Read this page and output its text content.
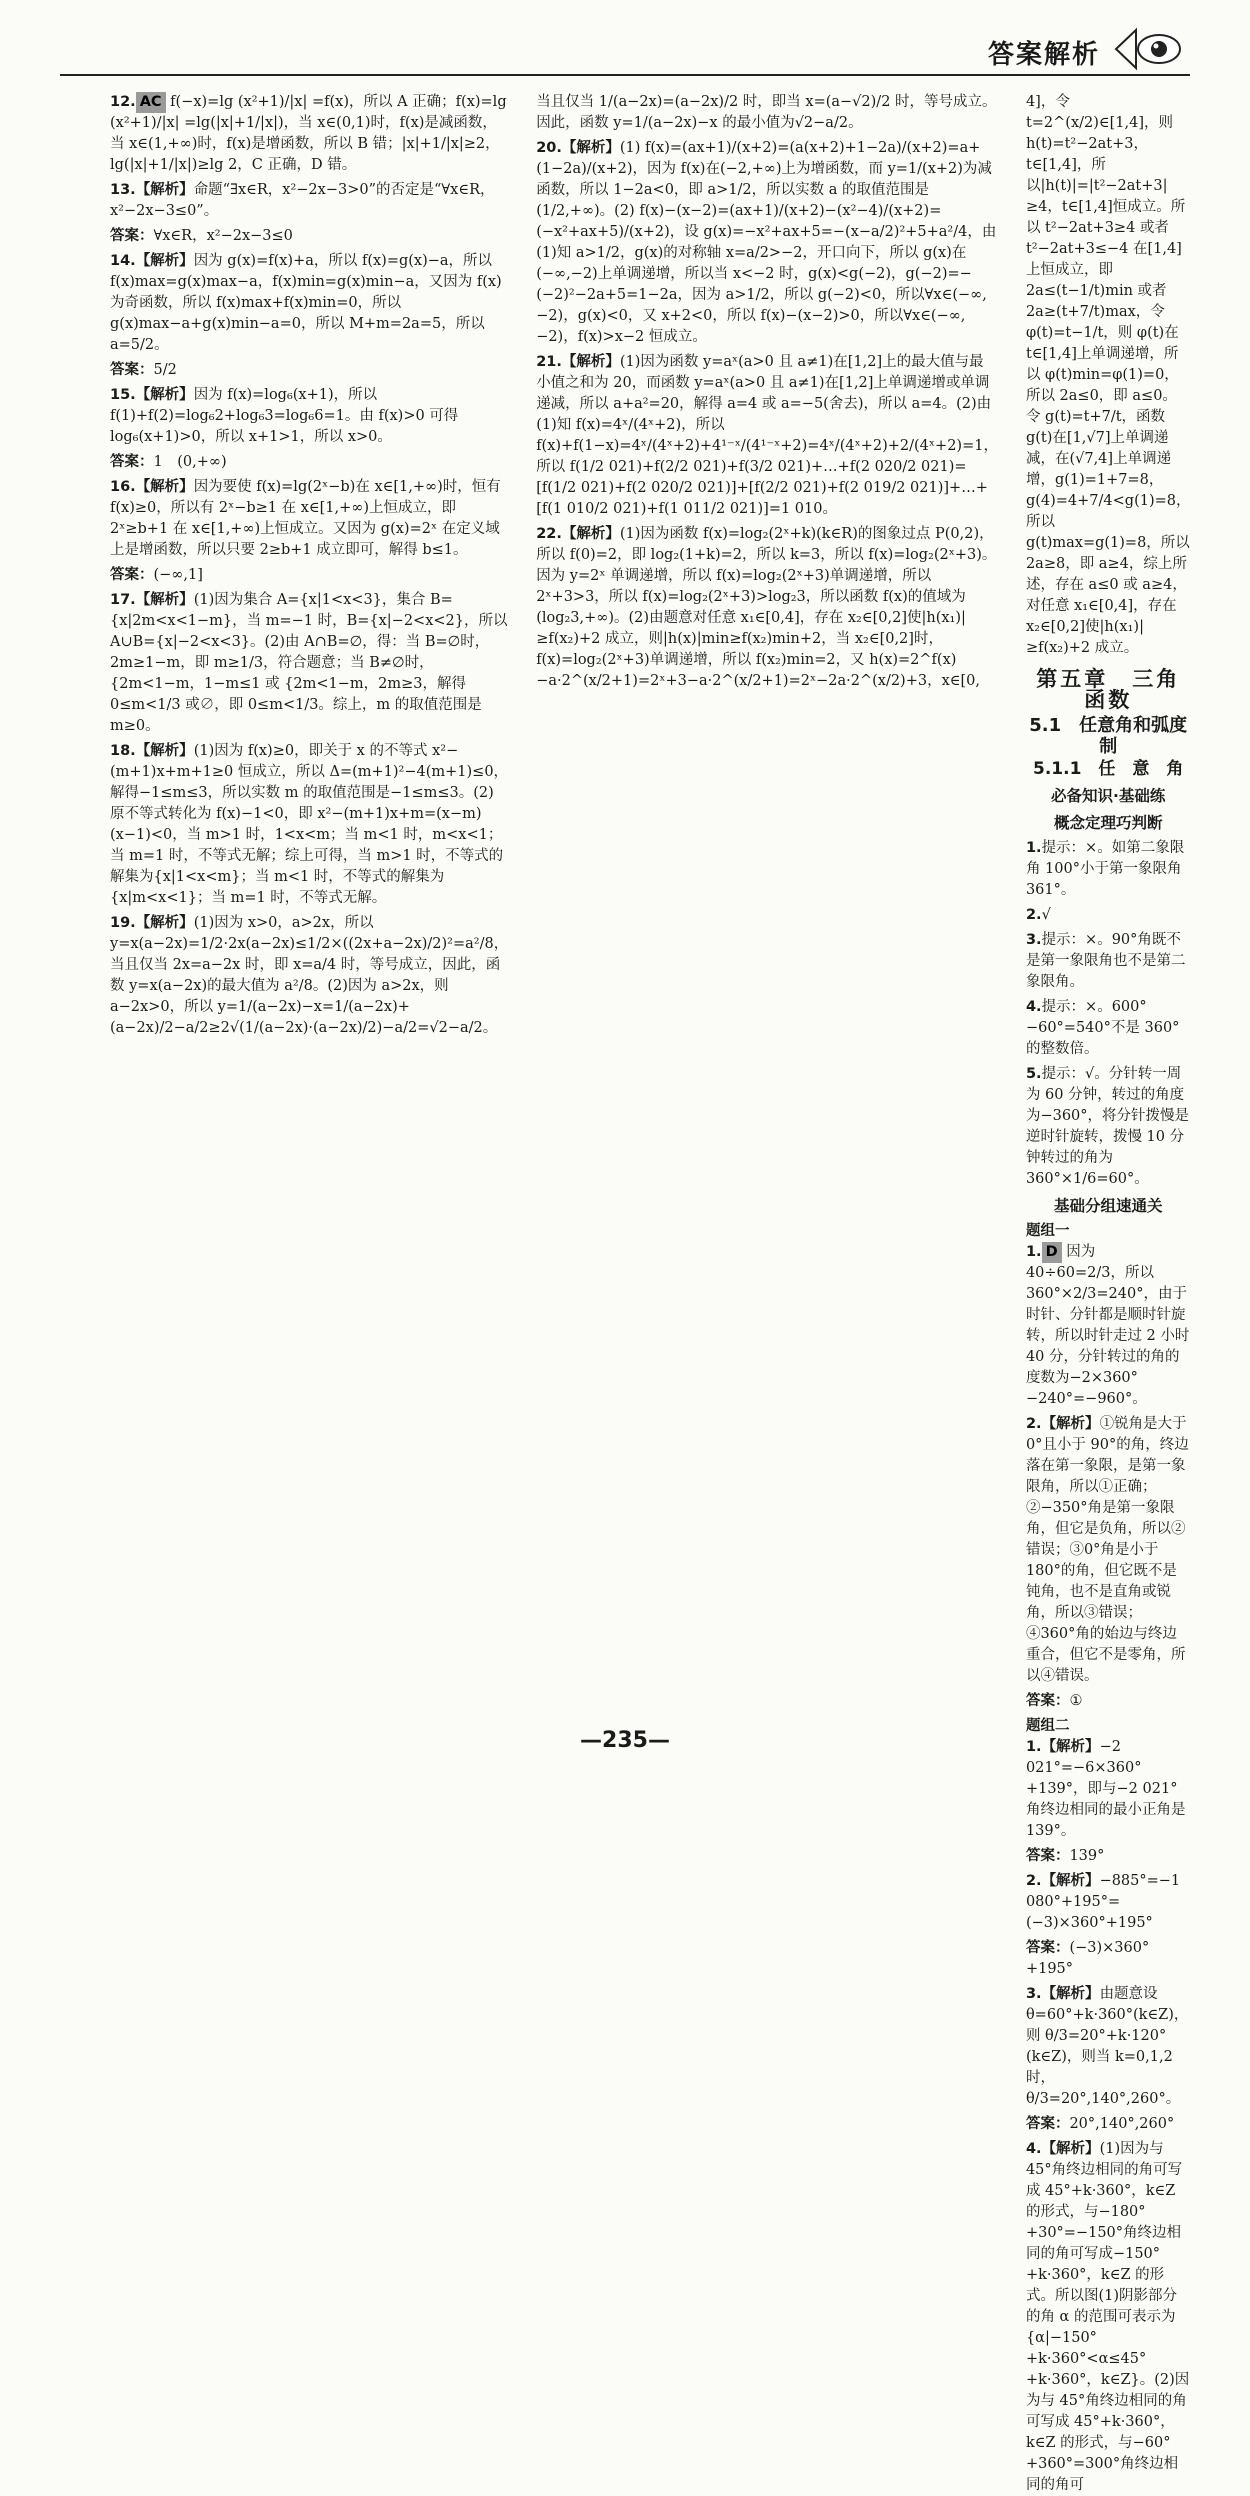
答案解析
12. AC f(−x)=lg (x²+1)/|x| =f(x)，所以 A 正确；f(x)=lg (x²+1)/|x| =lg(|x|+1/|x|)，当 x∈(0,1)时，f(x)是减函数，当 x∈(1,+∞)时，f(x)是增函数，所以 B 错；|x|+1/|x|≥2，lg(|x|+1/|x|)≥lg 2，C 正确，D 错。
13.【解析】命题“∃x∈R，x²−2x−3>0”的否定是“∀x∈R，x²−2x−3≤0”。
答案：∀x∈R，x²−2x−3≤0
14.【解析】因为 g(x)=f(x)+a，所以 f(x)=g(x)−a，所以 f(x)max=g(x)max−a，f(x)min=g(x)min−a，又因为 f(x)为奇函数，所以 f(x)max+f(x)min=0，所以 g(x)max−a+g(x)min−a=0，所以 M+m=2a=5，所以 a=5/2。
答案：5/2
15.【解析】因为 f(x)=log₆(x+1)，所以 f(1)+f(2)=log₆2+log₆3=log₆6=1。由 f(x)>0 可得 log₆(x+1)>0，所以 x+1>1，所以 x>0。
答案：1　(0,+∞)
16.【解析】因为要使 f(x)=lg(2ˣ−b)在 x∈[1,+∞)时，恒有 f(x)≥0，所以有 2ˣ−b≥1 在 x∈[1,+∞)上恒成立，即 2ˣ≥b+1 在 x∈[1,+∞)上恒成立。又因为 g(x)=2ˣ 在定义域上是增函数，所以只要 2≥b+1 成立即可，解得 b≤1。
答案：(−∞,1]
17.【解析】(1)因为集合 A={x|1<x<3}，集合 B={x|2m<x<1−m}，当 m=−1 时，B={x|−2<x<2}，所以 A∪B={x|−2<x<3}。(2)由 A∩B=∅，得：当 B=∅时，2m≥1−m，即 m≥1/3，符合题意；当 B≠∅时，{2m<1−m，1−m≤1 或 {2m<1−m，2m≥3，解得 0≤m<1/3 或∅，即 0≤m<1/3。综上，m 的取值范围是 m≥0。
18.【解析】(1)因为 f(x)≥0，即关于 x 的不等式 x²−(m+1)x+m+1≥0 恒成立，所以 Δ=(m+1)²−4(m+1)≤0，解得−1≤m≤3，所以实数 m 的取值范围是−1≤m≤3。(2)原不等式转化为 f(x)−1<0，即 x²−(m+1)x+m=(x−m)(x−1)<0，当 m>1 时，1<x<m；当 m<1 时，m<x<1；当 m=1 时，不等式无解；综上可得，当 m>1 时，不等式的解集为{x|1<x<m}；当 m<1 时，不等式的解集为{x|m<x<1}；当 m=1 时，不等式无解。
19.【解析】(1)因为 x>0，a>2x，所以 y=x(a−2x)=1/2·2x(a−2x)≤1/2×((2x+a−2x)/2)²=a²/8，当且仅当 2x=a−2x 时，即 x=a/4 时，等号成立，因此，函数 y=x(a−2x)的最大值为 a²/8。(2)因为 a>2x，则 a−2x>0，所以 y=1/(a−2x)−x=1/(a−2x)+(a−2x)/2−a/2≥2√(1/(a−2x)·(a−2x)/2)−a/2=√2−a/2。
当且仅当 1/(a−2x)=(a−2x)/2 时，即当 x=(a−√2)/2 时，等号成立。因此，函数 y=1/(a−2x)−x 的最小值为√2−a/2。
20.【解析】(1) f(x)=(ax+1)/(x+2)=(a(x+2)+1−2a)/(x+2)=a+(1−2a)/(x+2)，因为 f(x)在(−2,+∞)上为增函数，而 y=1/(x+2)为减函数，所以 1−2a<0，即 a>1/2，所以实数 a 的取值范围是(1/2,+∞)。(2) f(x)−(x−2)=(ax+1)/(x+2)−(x²−4)/(x+2)=(−x²+ax+5)/(x+2)，设 g(x)=−x²+ax+5=−(x−a/2)²+5+a²/4，由(1)知 a>1/2，g(x)的对称轴 x=a/2>−2，开口向下，所以 g(x)在(−∞,−2)上单调递增，所以当 x<−2 时，g(x)<g(−2)，g(−2)=−(−2)²−2a+5=1−2a，因为 a>1/2，所以 g(−2)<0，所以∀x∈(−∞,−2)，g(x)<0，又 x+2<0，所以 f(x)−(x−2)>0，所以∀x∈(−∞,−2)，f(x)>x−2 恒成立。
21.【解析】(1)因为函数 y=aˣ(a>0 且 a≠1)在[1,2]上的最大值与最小值之和为 20，而函数 y=aˣ(a>0 且 a≠1)在[1,2]上单调递增或单调递减，所以 a+a²=20，解得 a=4 或 a=−5(舍去)，所以 a=4。(2)由(1)知 f(x)=4ˣ/(4ˣ+2)，所以 f(x)+f(1−x)=4ˣ/(4ˣ+2)+4¹⁻ˣ/(4¹⁻ˣ+2)=4ˣ/(4ˣ+2)+2/(4ˣ+2)=1，所以 f(1/2 021)+f(2/2 021)+f(3/2 021)+…+f(2 020/2 021)=[f(1/2 021)+f(2 020/2 021)]+[f(2/2 021)+f(2 019/2 021)]+…+[f(1 010/2 021)+f(1 011/2 021)]=1 010。
22.【解析】(1)因为函数 f(x)=log₂(2ˣ+k)(k∈R)的图象过点 P(0,2)，所以 f(0)=2，即 log₂(1+k)=2，所以 k=3，所以 f(x)=log₂(2ˣ+3)。因为 y=2ˣ 单调递增，所以 f(x)=log₂(2ˣ+3)单调递增，所以 2ˣ+3>3，所以 f(x)=log₂(2ˣ+3)>log₂3，所以函数 f(x)的值域为(log₂3,+∞)。(2)由题意对任意 x₁∈[0,4]，存在 x₂∈[0,2]使|h(x₁)|≥f(x₂)+2 成立，则|h(x)|min≥f(x₂)min+2，当 x₂∈[0,2]时，f(x)=log₂(2ˣ+3)单调递增，所以 f(x₂)min=2，又 h(x)=2^f(x)−a·2^(x/2+1)=2ˣ+3−a·2^(x/2+1)=2ˣ−2a·2^(x/2)+3，x∈[0,
4]，令 t=2^(x/2)∈[1,4]，则 h(t)=t²−2at+3，t∈[1,4]，所以|h(t)|=|t²−2at+3|≥4，t∈[1,4]恒成立。所以 t²−2at+3≥4 或者 t²−2at+3≤−4 在[1,4]上恒成立，即 2a≤(t−1/t)min 或者 2a≥(t+7/t)max，令 φ(t)=t−1/t，则 φ(t)在 t∈[1,4]上单调递增，所以 φ(t)min=φ(1)=0，所以 2a≤0，即 a≤0。令 g(t)=t+7/t，函数 g(t)在[1,√7]上单调递减，在(√7,4]上单调递增，g(1)=1+7=8，g(4)=4+7/4<g(1)=8，所以 g(t)max=g(1)=8，所以 2a≥8，即 a≥4，综上所述，存在 a≤0 或 a≥4，对任意 x₁∈[0,4]，存在 x₂∈[0,2]使|h(x₁)|≥f(x₂)+2 成立。
第五章　三角函数
5.1　任意角和弧度制
5.1.1　任　意　角
必备知识·基础练
概念定理巧判断
1.提示：×。如第二象限角 100°小于第一象限角 361°。
2.√
3.提示：×。90°角既不是第一象限角也不是第二象限角。
4.提示：×。600°−60°=540°不是 360°的整数倍。
5.提示：√。分针转一周为 60 分钟，转过的角度为−360°，将分针拨慢是逆时针旋转，拨慢 10 分钟转过的角为 360°×1/6=60°。
基础分组速通关
题组一
1. D 因为 40÷60=2/3，所以 360°×2/3=240°，由于时针、分针都是顺时针旋转，所以时针走过 2 小时 40 分，分针转过的角的度数为−2×360°−240°=−960°。
2.【解析】①锐角是大于 0°且小于 90°的角，终边落在第一象限，是第一象限角，所以①正确；②−350°角是第一象限角，但它是负角，所以②错误；③0°角是小于 180°的角，但它既不是钝角，也不是直角或锐角，所以③错误；④360°角的始边与终边重合，但它不是零角，所以④错误。
答案：①
题组二
1.【解析】−2 021°=−6×360°+139°，即与−2 021°角终边相同的最小正角是 139°。
答案：139°
2.【解析】−885°=−1 080°+195°=(−3)×360°+195°
答案：(−3)×360°+195°
3.【解析】由题意设 θ=60°+k·360°(k∈Z)，则 θ/3=20°+k·120°(k∈Z)，则当 k=0,1,2 时，θ/3=20°,140°,260°。
答案：20°,140°,260°
4.【解析】(1)因为与 45°角终边相同的角可写成 45°+k·360°，k∈Z 的形式，与−180°+30°=−150°角终边相同的角可写成−150°+k·360°，k∈Z 的形式。所以图(1)阴影部分的角 α 的范围可表示为{α|−150°+k·360°<α≤45°+k·360°，k∈Z}。(2)因为与 45°角终边相同的角可写成 45°+k·360°，k∈Z 的形式，与−60°+360°=300°角终边相同的角可
—235—
